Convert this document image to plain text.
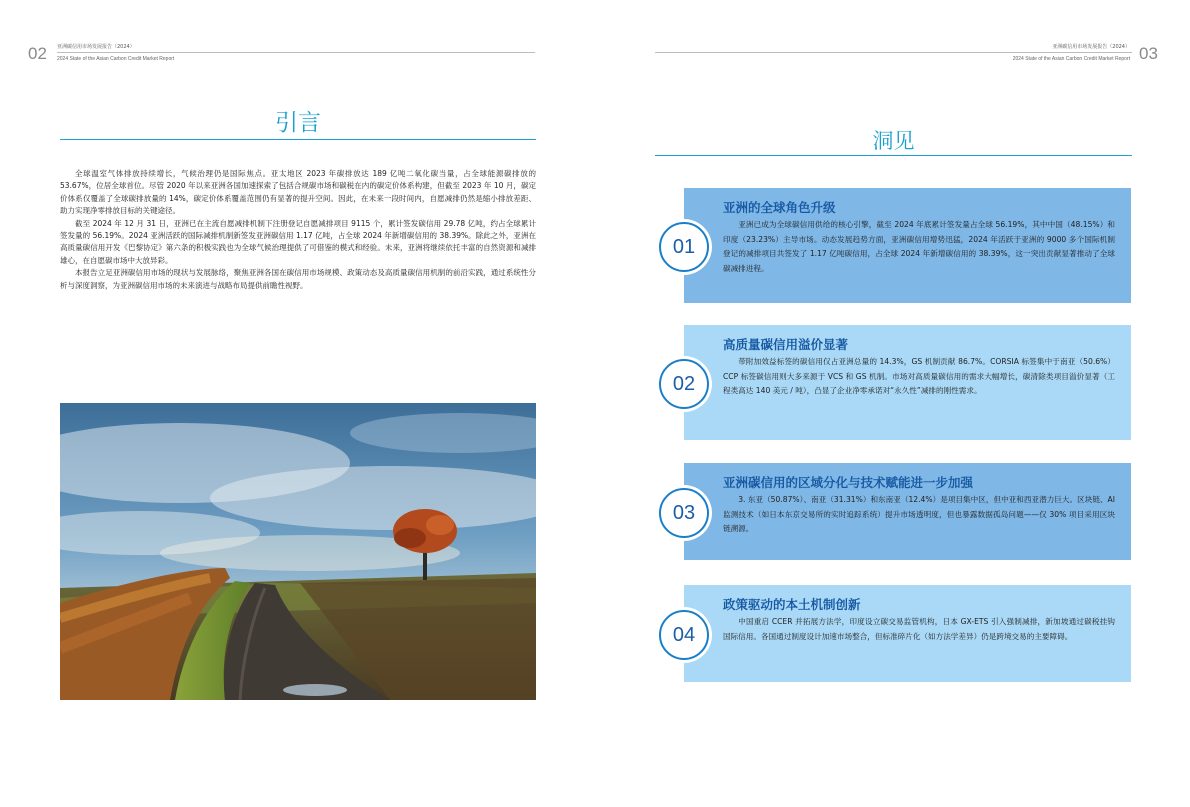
02 亚洲碳信用市场发展报告（2024）
2024 State of the Asian Carbon Credit Market Report
引言

全球温室气体排放持续增长，气候治理仍是国际焦点。亚太地区 2023 年碳排放达 189 亿吨二氧化碳当量，占全球能源碳排放的 53.67%，位居全球首位。尽管 2020 年以来亚洲各国加速探索了包括合规碳市场和碳税在内的碳定价体系构建，但截至 2023 年 10 月，碳定价体系仅覆盖了全球碳排放量的 14%，碳定价体系覆盖范围仍有显著的提升空间。因此，在未来一段时间内，自愿减排仍然是缩小排放差距、助力实现净零排放目标的关键途径。

截至 2024 年 12 月 31 日，亚洲已在主流自愿减排机制下注册登记自愿减排项目 9115 个，累计签发碳信用 29.78 亿吨，约占全球累计签发量的 56.19%。2024 亚洲活跃的国际减排机制新签发亚洲碳信用 1.17 亿吨，占全球 2024 年新增碳信用的 38.39%。除此之外，亚洲在高质量碳信用开发《巴黎协定》第六条的积极实践也为全球气候治理提供了可借鉴的模式和经验。未来，亚洲将继续依托丰富的自然资源和减排雄心，在自愿碳市场中大放异彩。

本报告立足亚洲碳信用市场的现状与发展脉络，聚焦亚洲各国在碳信用市场规模、政策动态及高质量碳信用机制的前沿实践，通过系统性分析与深度洞察，为亚洲碳信用市场的未来演进与战略布局提供前瞻性视野。

亚洲碳信用市场发展报告（2024）
2024 State of the Asian Carbon Credit Market Report 03
洞见
亚洲的全球角色升级

亚洲已成为全球碳信用供给的核心引擎，截至 2024 年底累计签发量占全球 56.19%，其中中国（48.15%）和印度（23.23%）主导市场。动态发展趋势方面，亚洲碳信用增势迅猛，2024 年活跃于亚洲的 9000 多个国际机制登记的减排项目共签发了 1.17 亿吨碳信用，占全球 2024 年新增碳信用的 38.39%，这一突出贡献显著推动了全球碳减排进程。

01
高质量碳信用溢价显著

带附加效益标签的碳信用仅占亚洲总量的 14.3%，GS 机制贡献 86.7%。CORSIA 标签集中于南亚（50.6%）CCP 标签碳信用则大多来源于 VCS 和 GS 机制。市场对高质量碳信用的需求大幅增长，碳清除类项目溢价显著（工程类高达 140 美元 / 吨），凸显了企业净零承诺对“永久性”减排的刚性需求。

02
亚洲碳信用的区域分化与技术赋能进一步加强

3. 东亚（50.87%）、南亚（31.31%）和东南亚（12.4%）是项目集中区，但中亚和西亚潜力巨大。区块链、AI 监测技术（如日本东京交易所的实时追踪系统）提升市场透明度，但也暴露数据孤岛问题——仅 30% 项目采用区块链溯源。

03
政策驱动的本土机制创新

中国重启 CCER 并拓展方法学，印度设立碳交易监管机构，日本 GX-ETS 引入强制减排，新加坡通过碳税挂钩国际信用。各国通过制度设计加速市场整合，但标准碎片化（如方法学差异）仍是跨境交易的主要障碍。

04
